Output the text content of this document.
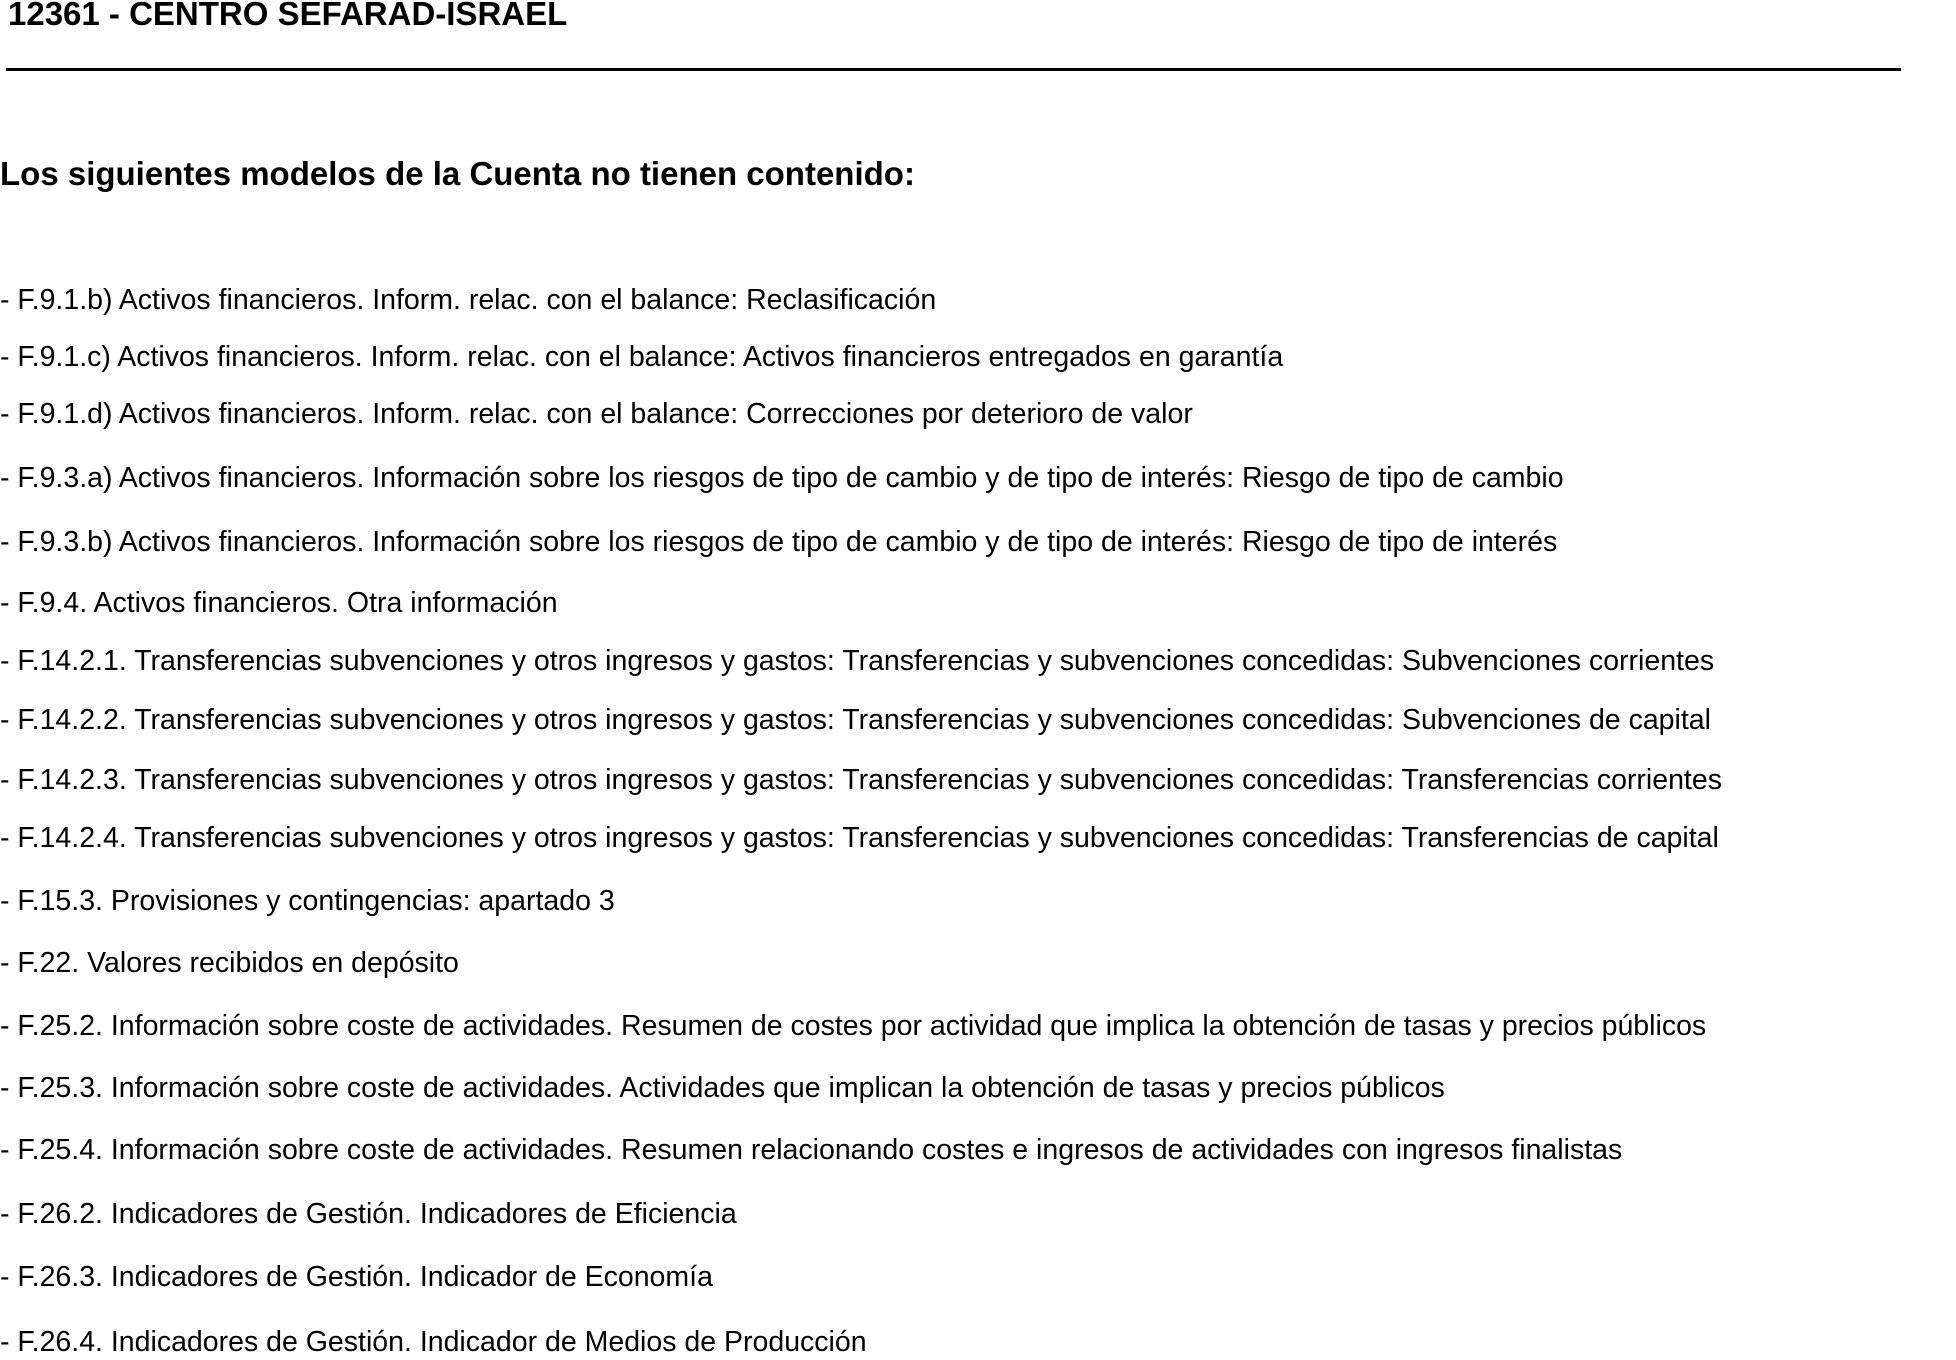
12361 - CENTRO SEFARAD-ISRAEL
Los siguientes modelos de la Cuenta no tienen contenido:
- F.9.1.b) Activos financieros. Inform. relac. con el balance: Reclasificación
- F.9.1.c) Activos financieros. Inform. relac. con el balance: Activos financieros entregados en garantía
- F.9.1.d) Activos financieros. Inform. relac. con el balance: Correcciones por deterioro de valor
- F.9.3.a) Activos financieros. Información sobre los riesgos de tipo de cambio y de tipo de interés: Riesgo de tipo de cambio
- F.9.3.b) Activos financieros. Información sobre los riesgos de tipo de cambio y de tipo de interés: Riesgo de tipo de interés
- F.9.4. Activos financieros. Otra información
- F.14.2.1. Transferencias subvenciones y otros ingresos y gastos: Transferencias y subvenciones concedidas: Subvenciones corrientes
- F.14.2.2. Transferencias subvenciones y otros ingresos y gastos: Transferencias y subvenciones concedidas: Subvenciones de capital
- F.14.2.3. Transferencias subvenciones y otros ingresos y gastos: Transferencias y subvenciones concedidas: Transferencias corrientes
- F.14.2.4. Transferencias subvenciones y otros ingresos y gastos: Transferencias y subvenciones concedidas: Transferencias de capital
- F.15.3. Provisiones y contingencias: apartado 3
- F.22. Valores recibidos en depósito
- F.25.2. Información sobre coste de actividades. Resumen de costes por actividad que implica la obtención de tasas y precios públicos
- F.25.3. Información sobre coste de actividades. Actividades que implican la obtención de tasas y precios públicos
- F.25.4. Información sobre coste de actividades. Resumen relacionando costes e ingresos de actividades con ingresos finalistas
- F.26.2. Indicadores de Gestión. Indicadores de Eficiencia
- F.26.3. Indicadores de Gestión. Indicador de Economía
- F.26.4. Indicadores de Gestión. Indicador de Medios de Producción
